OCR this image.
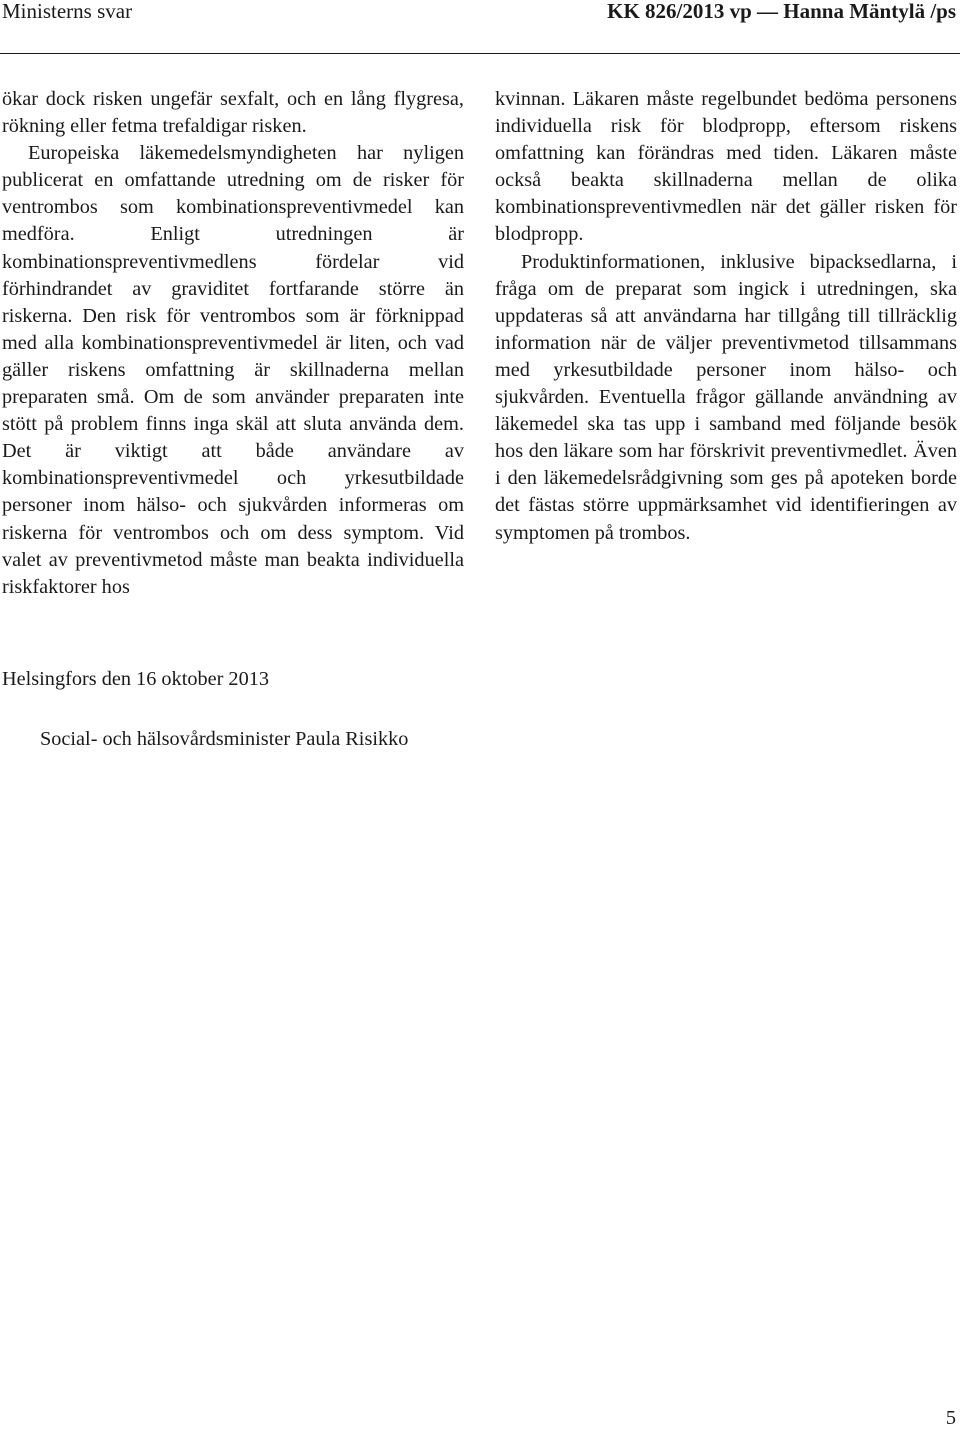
Ministerns svar	KK 826/2013 vp — Hanna Mäntylä /ps

ökar dock risken ungefär sexfalt, och en lång flygresa, rökning eller fetma trefaldigar risken.

Europeiska läkemedelsmyndigheten har nyligen publicerat en omfattande utredning om de risker för ventrombos som kombinationspreventivmedel kan medföra. Enligt utredningen är kombinationspreventivmedlens fördelar vid förhindrandet av graviditet fortfarande större än riskerna. Den risk för ventrombos som är förknippad med alla kombinationspreventivmedel är liten, och vad gäller riskens omfattning är skillnaderna mellan preparaten små. Om de som använder preparaten inte stött på problem finns inga skäl att sluta använda dem. Det är viktigt att både användare av kombinationspreventivmedel och yrkesutbildade personer inom hälso- och sjukvården informeras om riskerna för ventrombos och om dess symptom. Vid valet av preventivmetod måste man beakta individuella riskfaktorer hos

kvinnan. Läkaren måste regelbundet bedöma personens individuella risk för blodpropp, eftersom riskens omfattning kan förändras med tiden. Läkaren måste också beakta skillnaderna mellan de olika kombinationspreventivmedlen när det gäller risken för blodpropp.

Produktinformationen, inklusive bipacksedlarna, i fråga om de preparat som ingick i utredningen, ska uppdateras så att användarna har tillgång till tillräcklig information när de väljer preventivmetod tillsammans med yrkesutbildade personer inom hälso- och sjukvården. Eventuella frågor gällande användning av läkemedel ska tas upp i samband med följande besök hos den läkare som har förskrivit preventivmedlet. Även i den läkemedelsrådgivning som ges på apoteken borde det fästas större uppmärksamhet vid identifieringen av symptomen på trombos.

Helsingfors den 16 oktober 2013
Social- och hälsovårdsminister Paula Risikko
5
